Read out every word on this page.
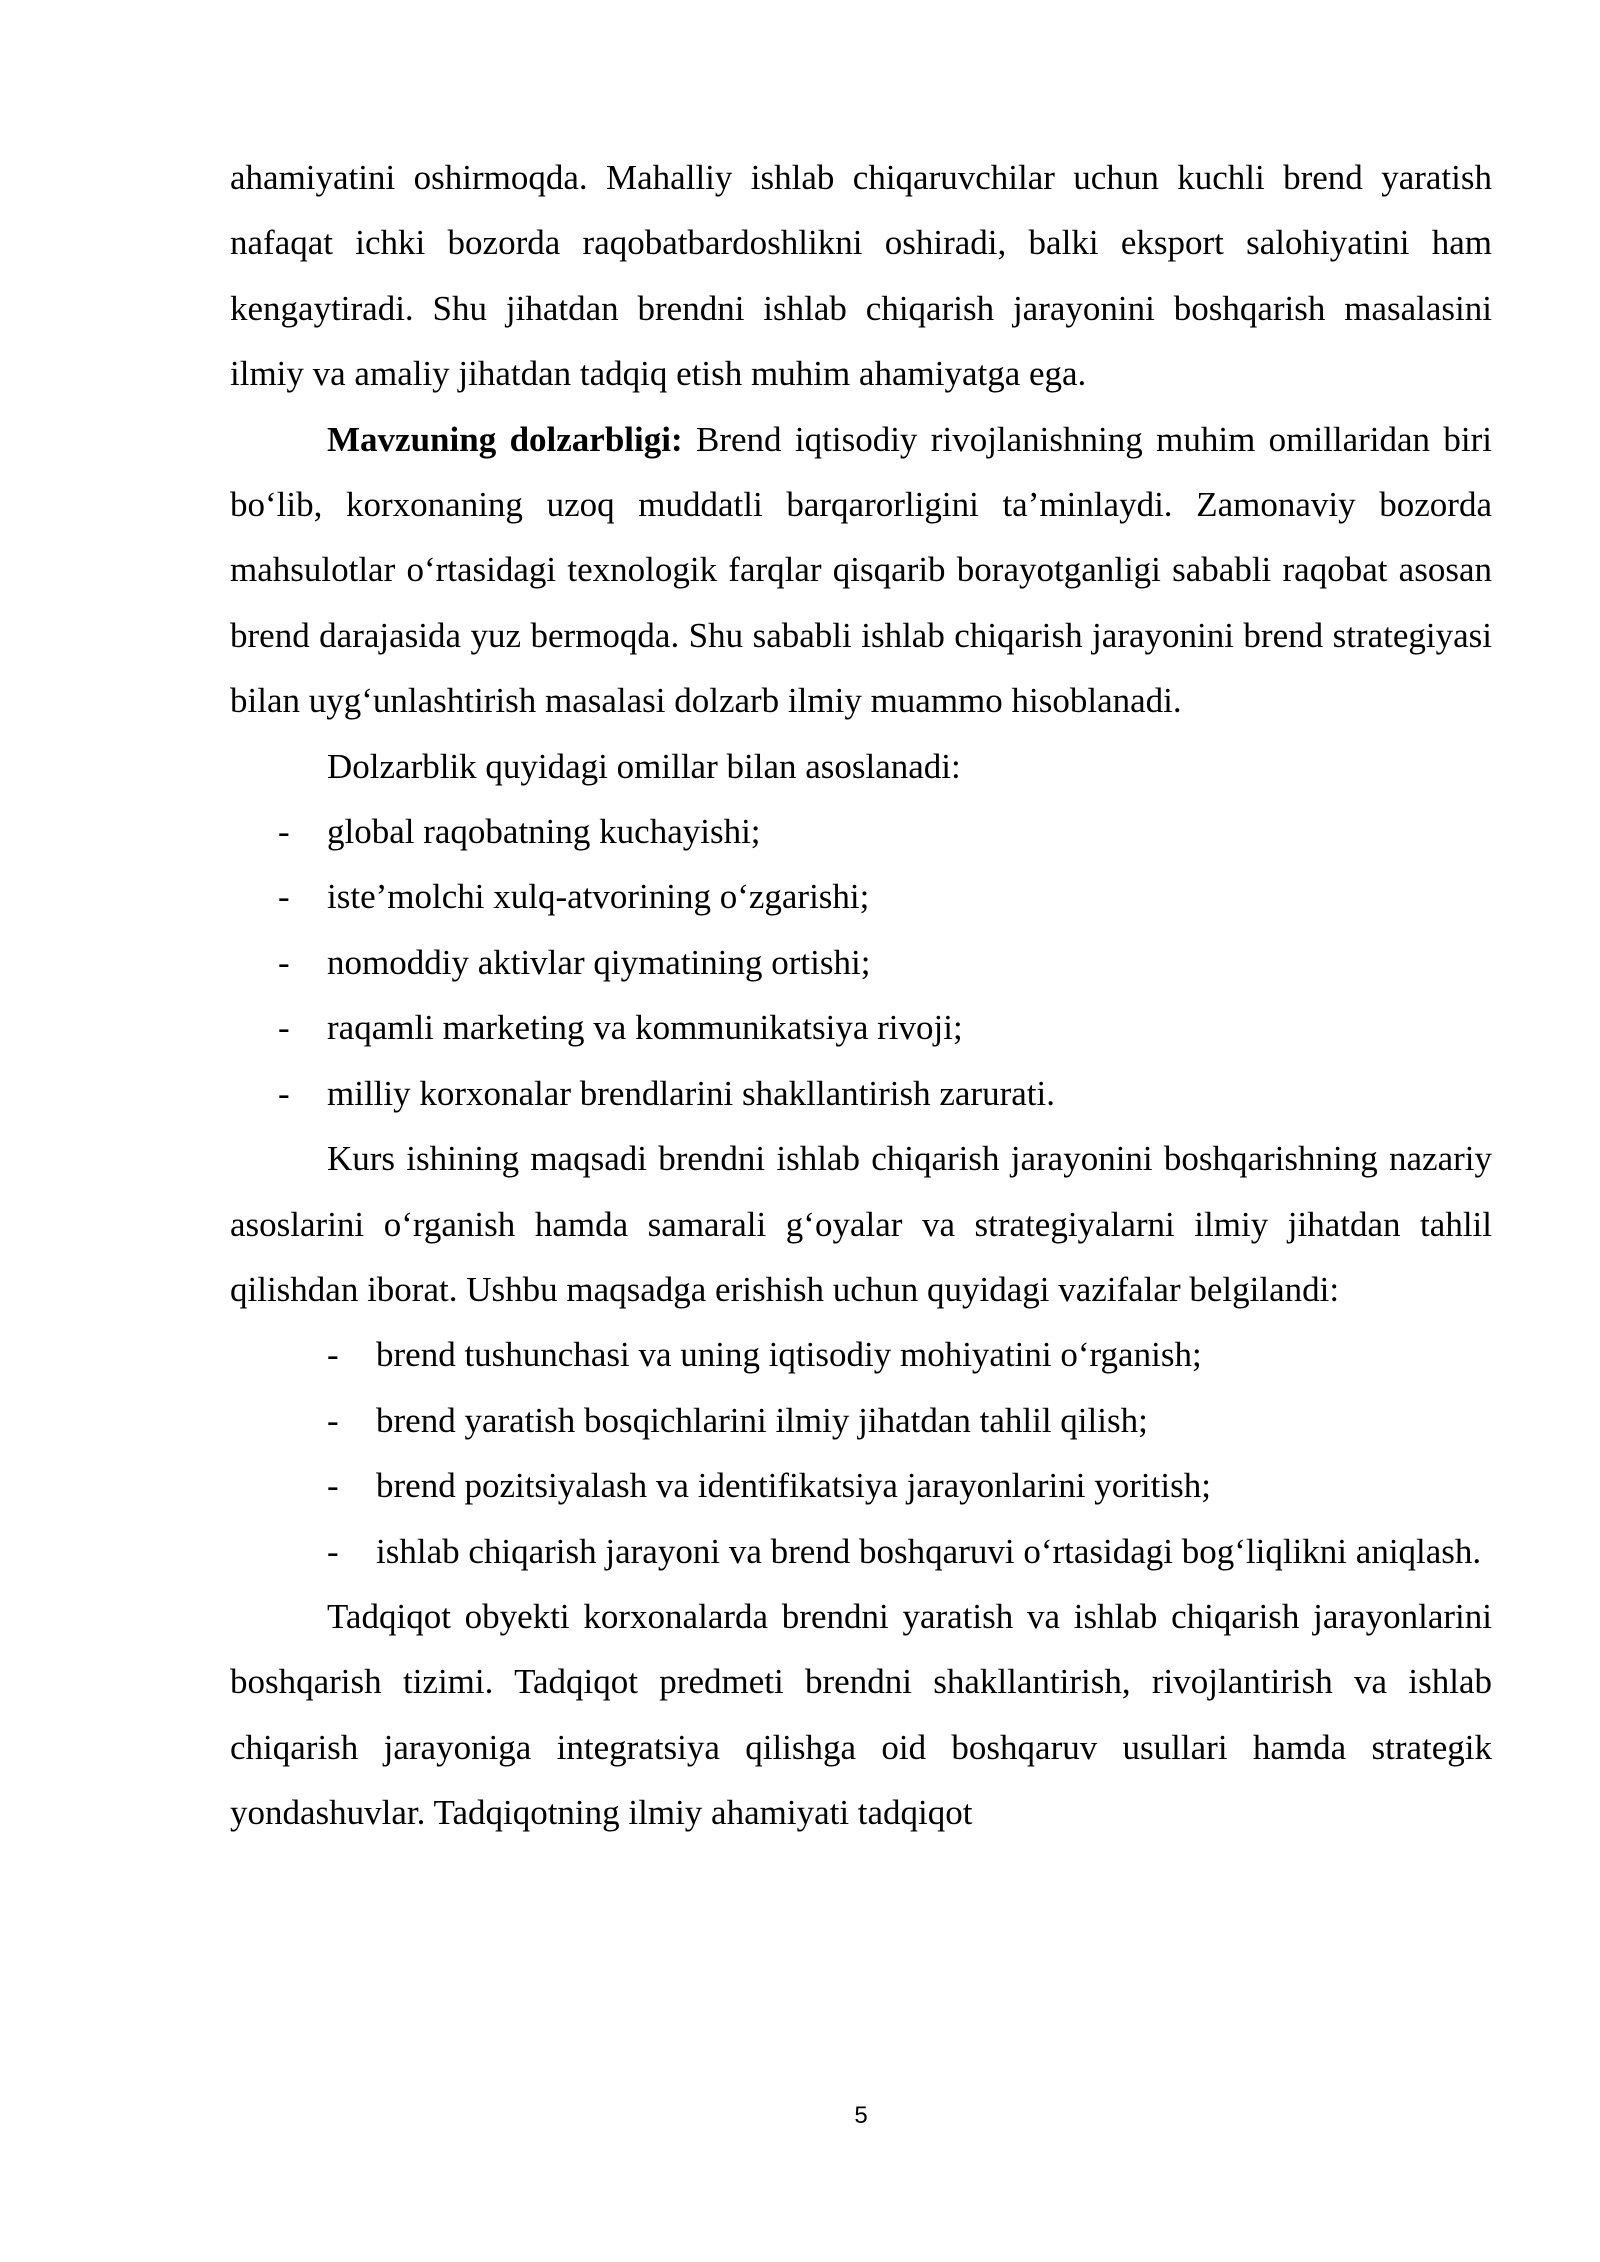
ahamiyatini oshirmoqda. Mahalliy ishlab chiqaruvchilar uchun kuchli brend yaratish nafaqat ichki bozorda raqobatbardoshlikni oshiradi, balki eksport salohiyatini ham kengaytiradi. Shu jihatdan brendni ishlab chiqarish jarayonini boshqarish masalasini ilmiy va amaliy jihatdan tadqiq etish muhim ahamiyatga ega.

Mavzuning dolzarbligi: Brend iqtisodiy rivojlanishning muhim omillaridan biri bo‘lib, korxonaning uzoq muddatli barqarorligini ta’minlaydi. Zamonaviy bozorda mahsulotlar o‘rtasidagi texnologik farqlar qisqarib borayotganligi sababli raqobat asosan brend darajasida yuz bermoqda. Shu sababli ishlab chiqarish jarayonini brend strategiyasi bilan uyg‘unlashtirish masalasi dolzarb ilmiy muammo hisoblanadi.

Dolzarblik quyidagi omillar bilan asoslanadi:

- global raqobatning kuchayishi;
- iste’molchi xulq-atvorining o‘zgarishi;
- nomoddiy aktivlar qiymatining ortishi;
- raqamli marketing va kommunikatsiya rivoji;
- milliy korxonalar brendlarini shakllantirish zarurati.

Kurs ishining maqsadi brendni ishlab chiqarish jarayonini boshqarishning nazariy asoslarini o‘rganish hamda samarali g‘oyalar va strategiyalarni ilmiy jihatdan tahlil qilishdan iborat. Ushbu maqsadga erishish uchun quyidagi vazifalar belgilandi:

- brend tushunchasi va uning iqtisodiy mohiyatini o‘rganish;
- brend yaratish bosqichlarini ilmiy jihatdan tahlil qilish;
- brend pozitsiyalash va identifikatsiya jarayonlarini yoritish;
- ishlab chiqarish jarayoni va brend boshqaruvi o‘rtasidagi bog‘liqlikni aniqlash.

Tadqiqot obyekti korxonalarda brendni yaratish va ishlab chiqarish jarayonlarini boshqarish tizimi. Tadqiqot predmeti brendni shakllantirish, rivojlantirish va ishlab chiqarish jarayoniga integratsiya qilishga oid boshqaruv usullari hamda strategik yondashuvlar. Tadqiqotning ilmiy ahamiyati tadqiqot

5
